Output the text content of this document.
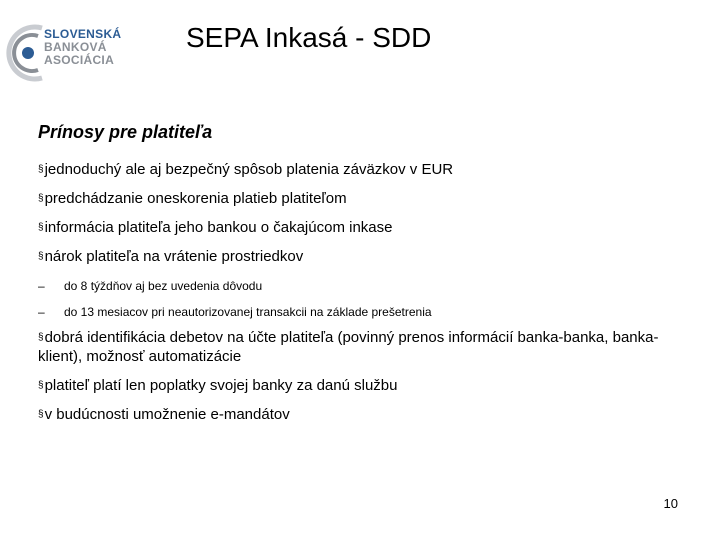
SLOVENSKÁ
BANKOVÁ
ASOCIÁCIA
SEPA Inkasá - SDD
Prínosy pre platiteľa
§jednoduchý ale aj bezpečný spôsob platenia záväzkov v EUR
§predchádzanie oneskorenia platieb platiteľom
§informácia platiteľa jeho bankou o čakajúcom inkase
§nárok platiteľa na vrátenie prostriedkov
– do 8 týždňov aj bez uvedenia dôvodu
– do 13 mesiacov pri neautorizovanej transakcii na základe prešetrenia
§dobrá identifikácia debetov na účte platiteľa (povinný prenos informácií banka-banka, banka-klient), možnosť automatizácie
§platiteľ platí len poplatky svojej banky za danú službu
§v budúcnosti umožnenie e-mandátov
10
